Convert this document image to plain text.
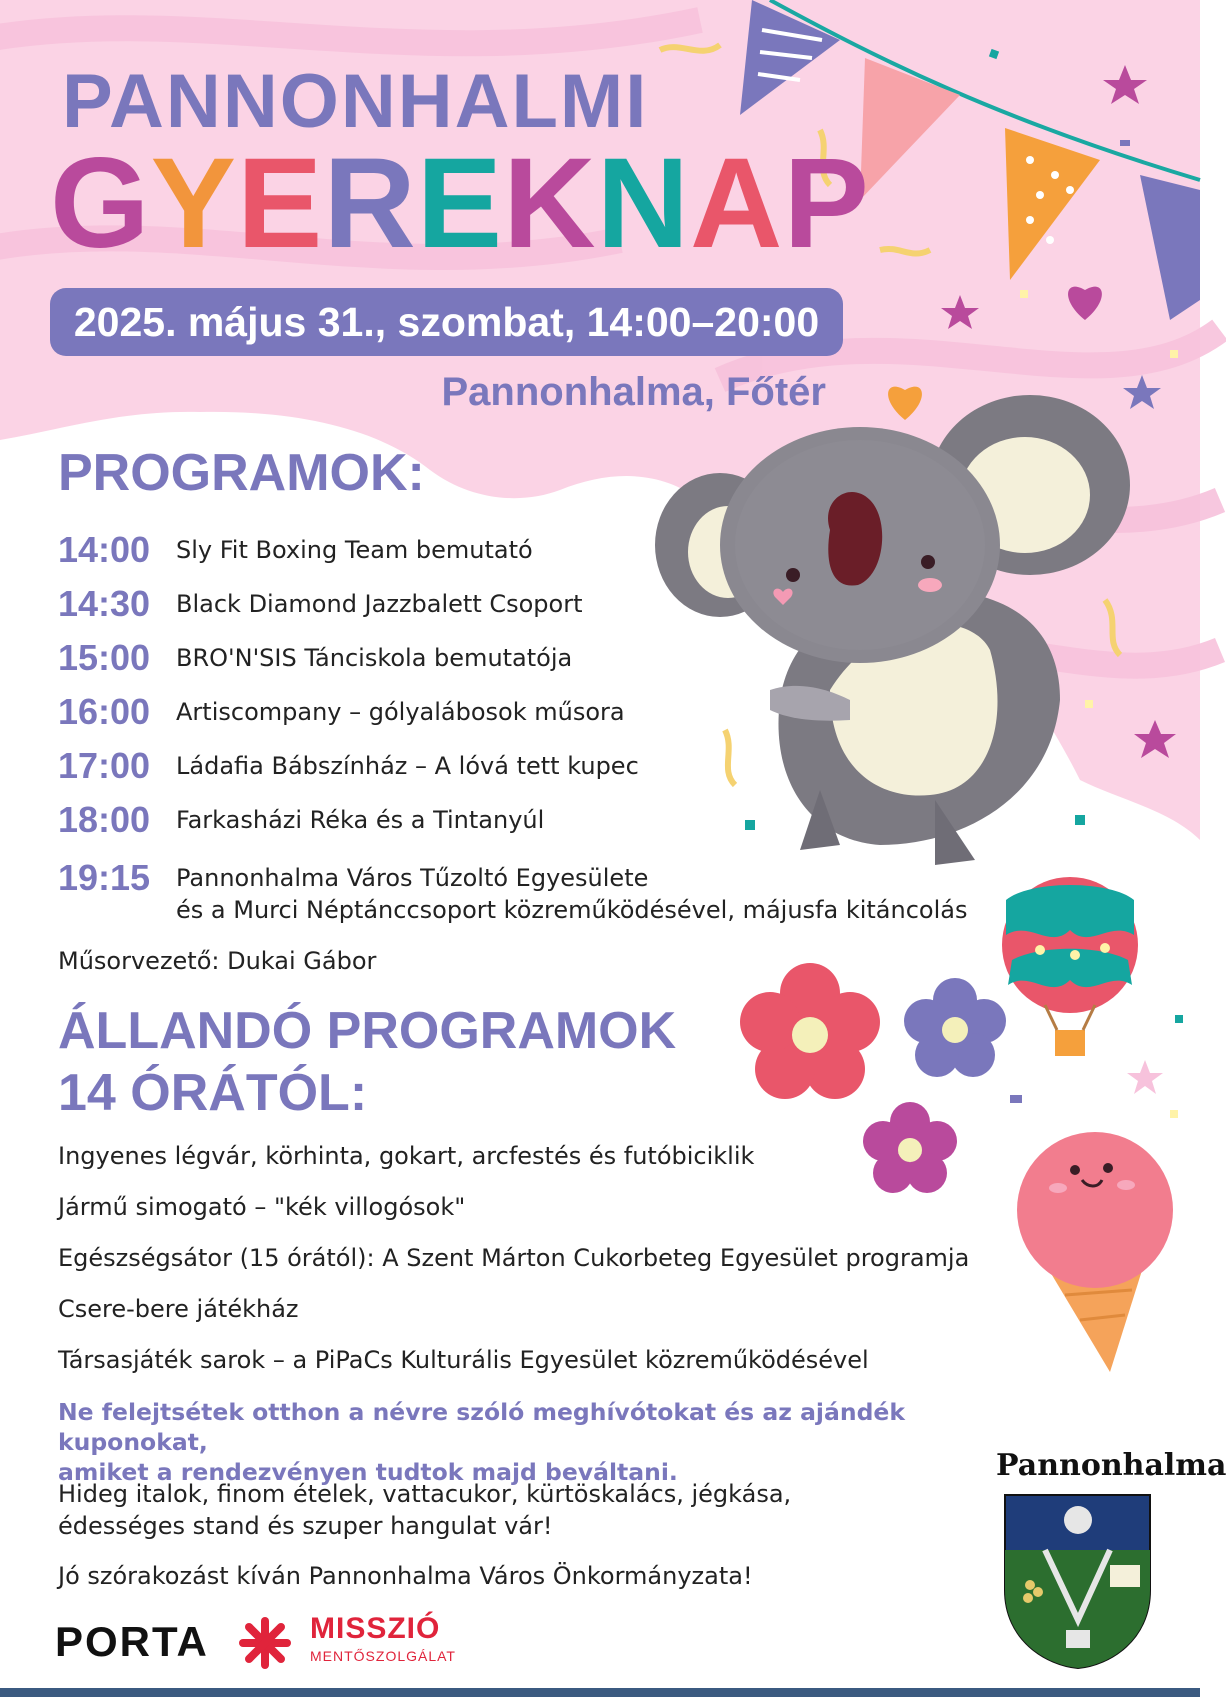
PANNONHALMI
GYEREKNAP
2025. május 31., szombat, 14:00–20:00
Pannonhalma, Főtér
PROGRAMOK:
14:00	Sly Fit Boxing Team bemutató
14:30	Black Diamond Jazzbalett Csoport
15:00	BRO'N'SIS Tánciskola bemutatója
16:00	Artiscompany – gólyalábosok műsora
17:00	Ládafia Bábszínház – A lóvá tett kupec
18:00	Farkasházi Réka és a Tintanyúl
19:15	Pannonhalma Város Tűzoltó Egyesülete
és a Murci Néptánccsoport közreműködésével, májusfa kitáncolás
Műsorvezető: Dukai Gábor
ÁLLANDÓ PROGRAMOK
14 ÓRÁTÓL:
Ingyenes légvár, körhinta, gokart, arcfestés és futóbiciklik
Jármű simogató – "kék villogósok"
Egészségsátor (15 órától): A Szent Márton Cukorbeteg Egyesület programja
Csere-bere játékház
Társasjáték sarok – a PiPaCs Kulturális Egyesület közreműködésével
Ne felejtsétek otthon a névre szóló meghívótokat és az ajándék kuponokat,
amiket a rendezvényen tudtok majd beváltani.
Hideg italok, finom ételek, vattacukor, kürtöskalács, jégkása,
édességes stand és szuper hangulat vár!
Jó szórakozást kíván Pannonhalma Város Önkormányzata!
PORTA	MISSZIÓ
MENTŐSZOLGÁLAT
Pannonhalma
